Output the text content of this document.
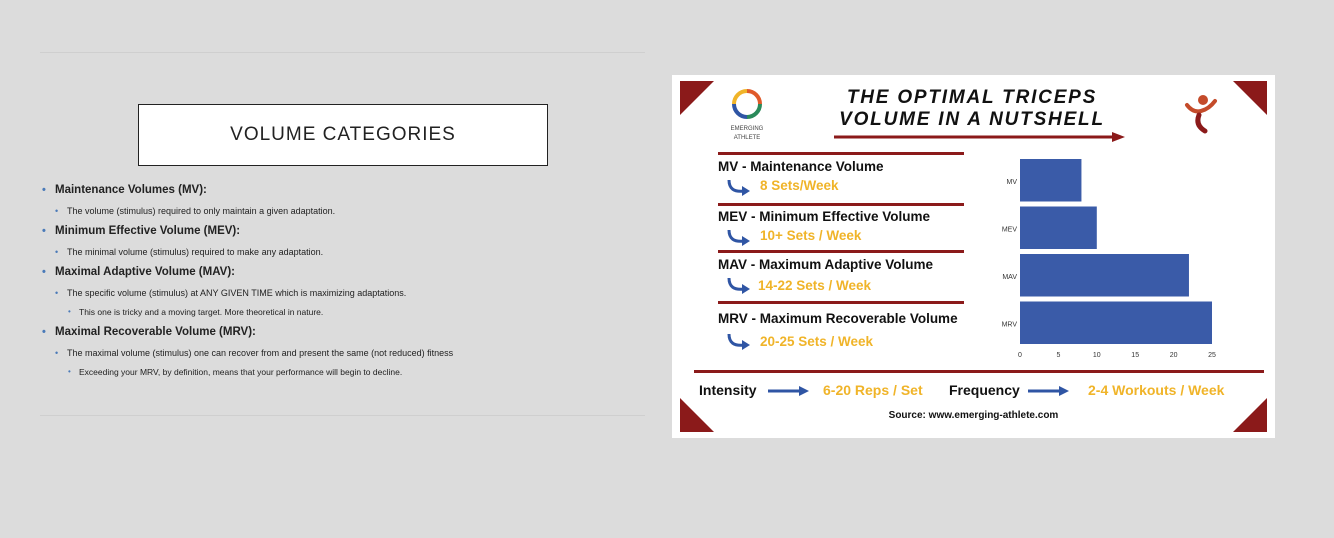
VOLUME CATEGORIES
• Maintenance Volumes (MV):
• The volume (stimulus) required to only maintain a given adaptation.
• Minimum Effective Volume (MEV):
• The minimal volume (stimulus) required to make any adaptation.
• Maximal Adaptive Volume (MAV):
• The specific volume (stimulus) at ANY GIVEN TIME which is maximizing adaptations.
• This one is tricky and a moving target. More theoretical in nature.
• Maximal Recoverable Volume (MRV):
• The maximal volume (stimulus) one can recover from and present the same (not reduced) fitness
• Exceeding your MRV, by definition, means that your performance will begin to decline.
EMERGING
ATHLETE
THE OPTIMAL TRICEPS
VOLUME IN A NUTSHELL
MV - Maintenance Volume
8 Sets/Week
MEV - Minimum Effective Volume
10+ Sets / Week
MAV - Maximum Adaptive Volume
14-22 Sets / Week
MRV - Maximum Recoverable Volume
20-25 Sets / Week
MV
MEV
MAV
MRV
0	5	10	15	20	25
Intensity	6-20 Reps / Set Frequency	2-4 Workouts / Week
Source: www.emerging-athlete.com
